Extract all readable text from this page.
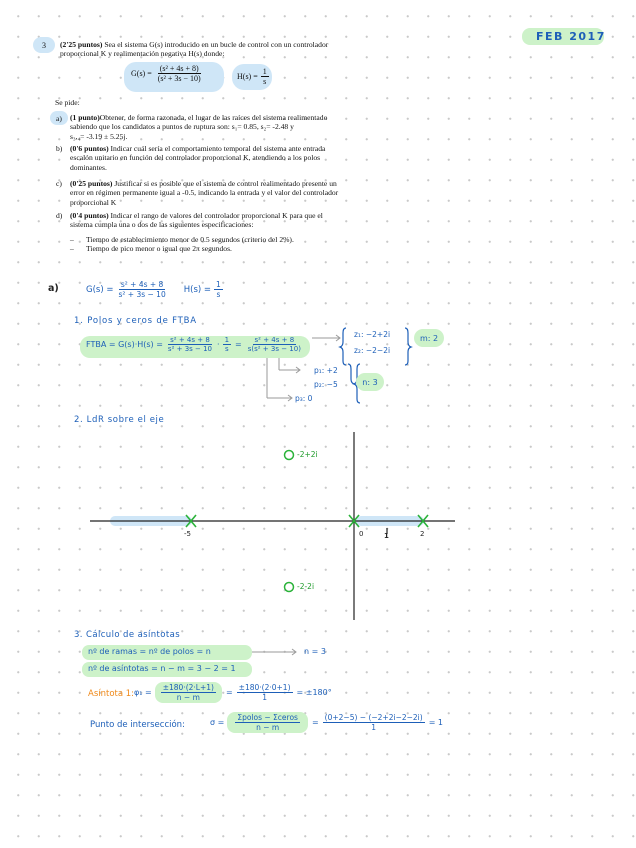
FEB 2017
3 (2'25 puntos) Sea el sistema G(s) introducido en un bucle de control con un controlador
proporcional K y realimentación negativa H(s) donde:
$G(s) = \frac{\text{(s² + 4s + 8)}}{\text{(s² + 3s − 10)}}$	$H(s) = \frac{1}{s}$
Se pide:
a) (1 punto)Obtener, de forma razonada, el lugar de las raíces del sistema realimentado
sabiendo que los candidatos a puntos de ruptura son: s₁= 0.85, s₂= -2.48 y
s₃,₄= -3.19 ± 5.25j.
b) (0'6 puntos) Indicar cuál sería el comportamiento temporal del sistema ante entrada
escalón unitario en función del controlador proporcional K, atendiendo a los polos
dominantes.
c) (0'25 puntos) Justificar si es posible que el sistema de control realimentado presente un
error en régimen permanente igual a -0.5, indicando la entrada y el valor del controlador
proporcional K
d) (0'4 puntos) Indicar el rango de valores del controlador proporcional K para que el
sistema cumpla una o dos de las siguientes especificaciones:
– Tiempo de establecimiento menor de 0.5 segundos (criterio del 2%).
– Tiempo de pico menor o igual que 2π segundos.
a)	$G(s) = \frac{\text{s² + 4s + 8}}{\text{s² + 3s − 10}} H(s) = \frac{1}{s}$
1. Polos y ceros de FTBA
FTBA = $G(s)\cdot H(s) = \frac{\text{s² + 4s + 8}}{\text{s² + 3s − 10}} \cdot \frac{1}{s} = \frac{\text{s² + 4s + 8}}{\text{s(s² + 3s − 10)}}$
z₁: −2+2i
z₂: −2−2i
m: 2
p₁: +2
p₂: −5
p₃: 0
n: 3
2. LdR sobre el eje
-2+2i
-2-2i
-5	0	1	2
3. Cálculo de asíntotas
nº de ramas = nº de polos = n	n = 3
nº de asíntotas = n − m = 3 − 2 = 1
Asíntota 1: $\varphi_1 = \frac{\pm 180\cdot(2\cdot L+1)}{n - m} = \frac{\pm 180\cdot(2\cdot 0+1)}{1} = \pm 180^\circ$
Punto de intersección:	$\sigma = \frac{\text{Σpolos − Σceros}}{n - m} = \frac{(0+2-5) - (-2+2i-2-2i)}{1} = 1$
